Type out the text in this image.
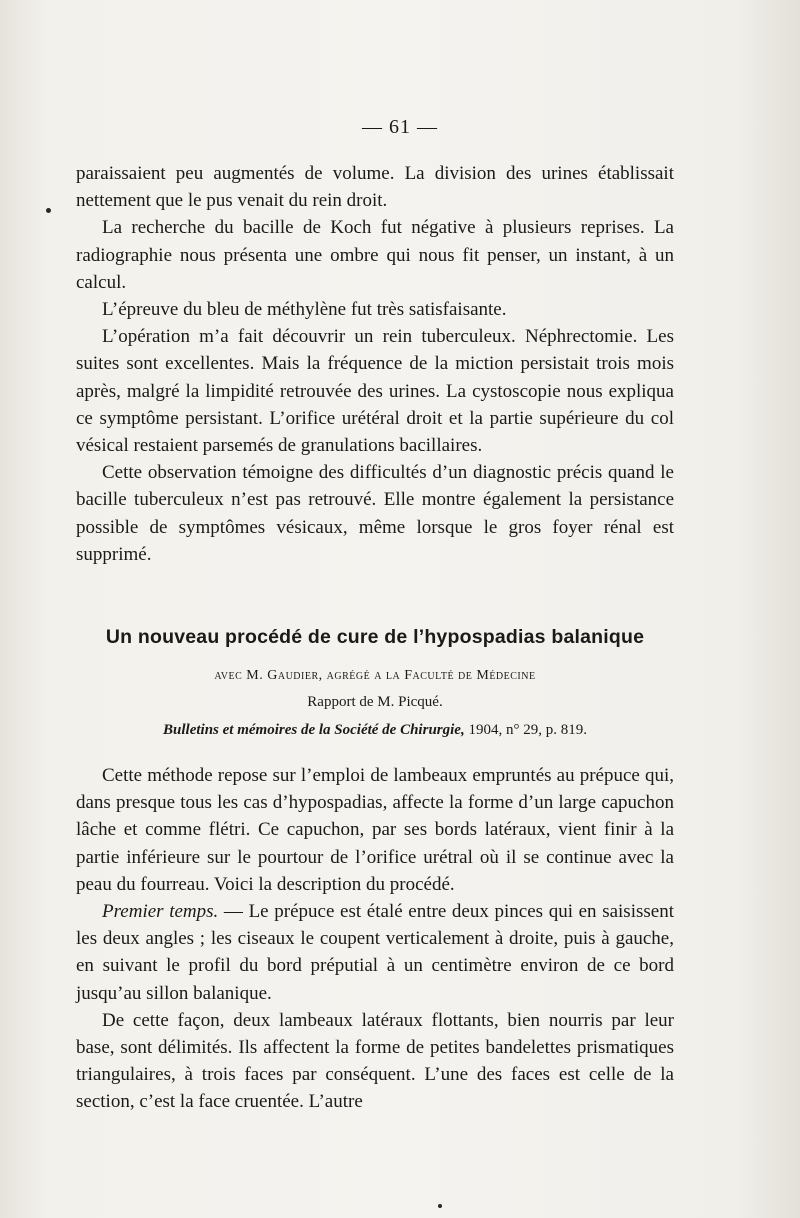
— 61 —

paraissaient peu augmentés de volume. La division des urines établissait nettement que le pus venait du rein droit.

La recherche du bacille de Koch fut négative à plusieurs reprises. La radiographie nous présenta une ombre qui nous fit penser, un instant, à un calcul.

L’épreuve du bleu de méthylène fut très satisfaisante.

L’opération m’a fait découvrir un rein tuberculeux. Néphrectomie. Les suites sont excellentes. Mais la fréquence de la miction persistait trois mois après, malgré la limpidité retrouvée des urines. La cystoscopie nous expliqua ce symptôme persistant. L’orifice urétéral droit et la partie supérieure du col vésical restaient parsemés de granulations bacillaires.

Cette observation témoigne des difficultés d’un diagnostic précis quand le bacille tuberculeux n’est pas retrouvé. Elle montre également la persistance possible de symptômes vésicaux, même lorsque le gros foyer rénal est supprimé.

Un nouveau procédé de cure de l’hypospadias balanique
avec M. Gaudier, agrégé a la Faculté de Médecine
Rapport de M. Picqué.
Bulletins et mémoires de la Société de Chirurgie, 1904, n° 29, p. 819.

Cette méthode repose sur l’emploi de lambeaux empruntés au prépuce qui, dans presque tous les cas d’hypospadias, affecte la forme d’un large capuchon lâche et comme flétri. Ce capuchon, par ses bords latéraux, vient finir à la partie inférieure sur le pourtour de l’orifice urétral où il se continue avec la peau du fourreau. Voici la description du procédé.

Premier temps. — Le prépuce est étalé entre deux pinces qui en saisissent les deux angles ; les ciseaux le coupent verticalement à droite, puis à gauche, en suivant le profil du bord préputial à un centimètre environ de ce bord jusqu’au sillon balanique.

De cette façon, deux lambeaux latéraux flottants, bien nourris par leur base, sont délimités. Ils affectent la forme de petites bandelettes prismatiques triangulaires, à trois faces par conséquent. L’une des faces est celle de la section, c’est la face cruentée. L’autre
